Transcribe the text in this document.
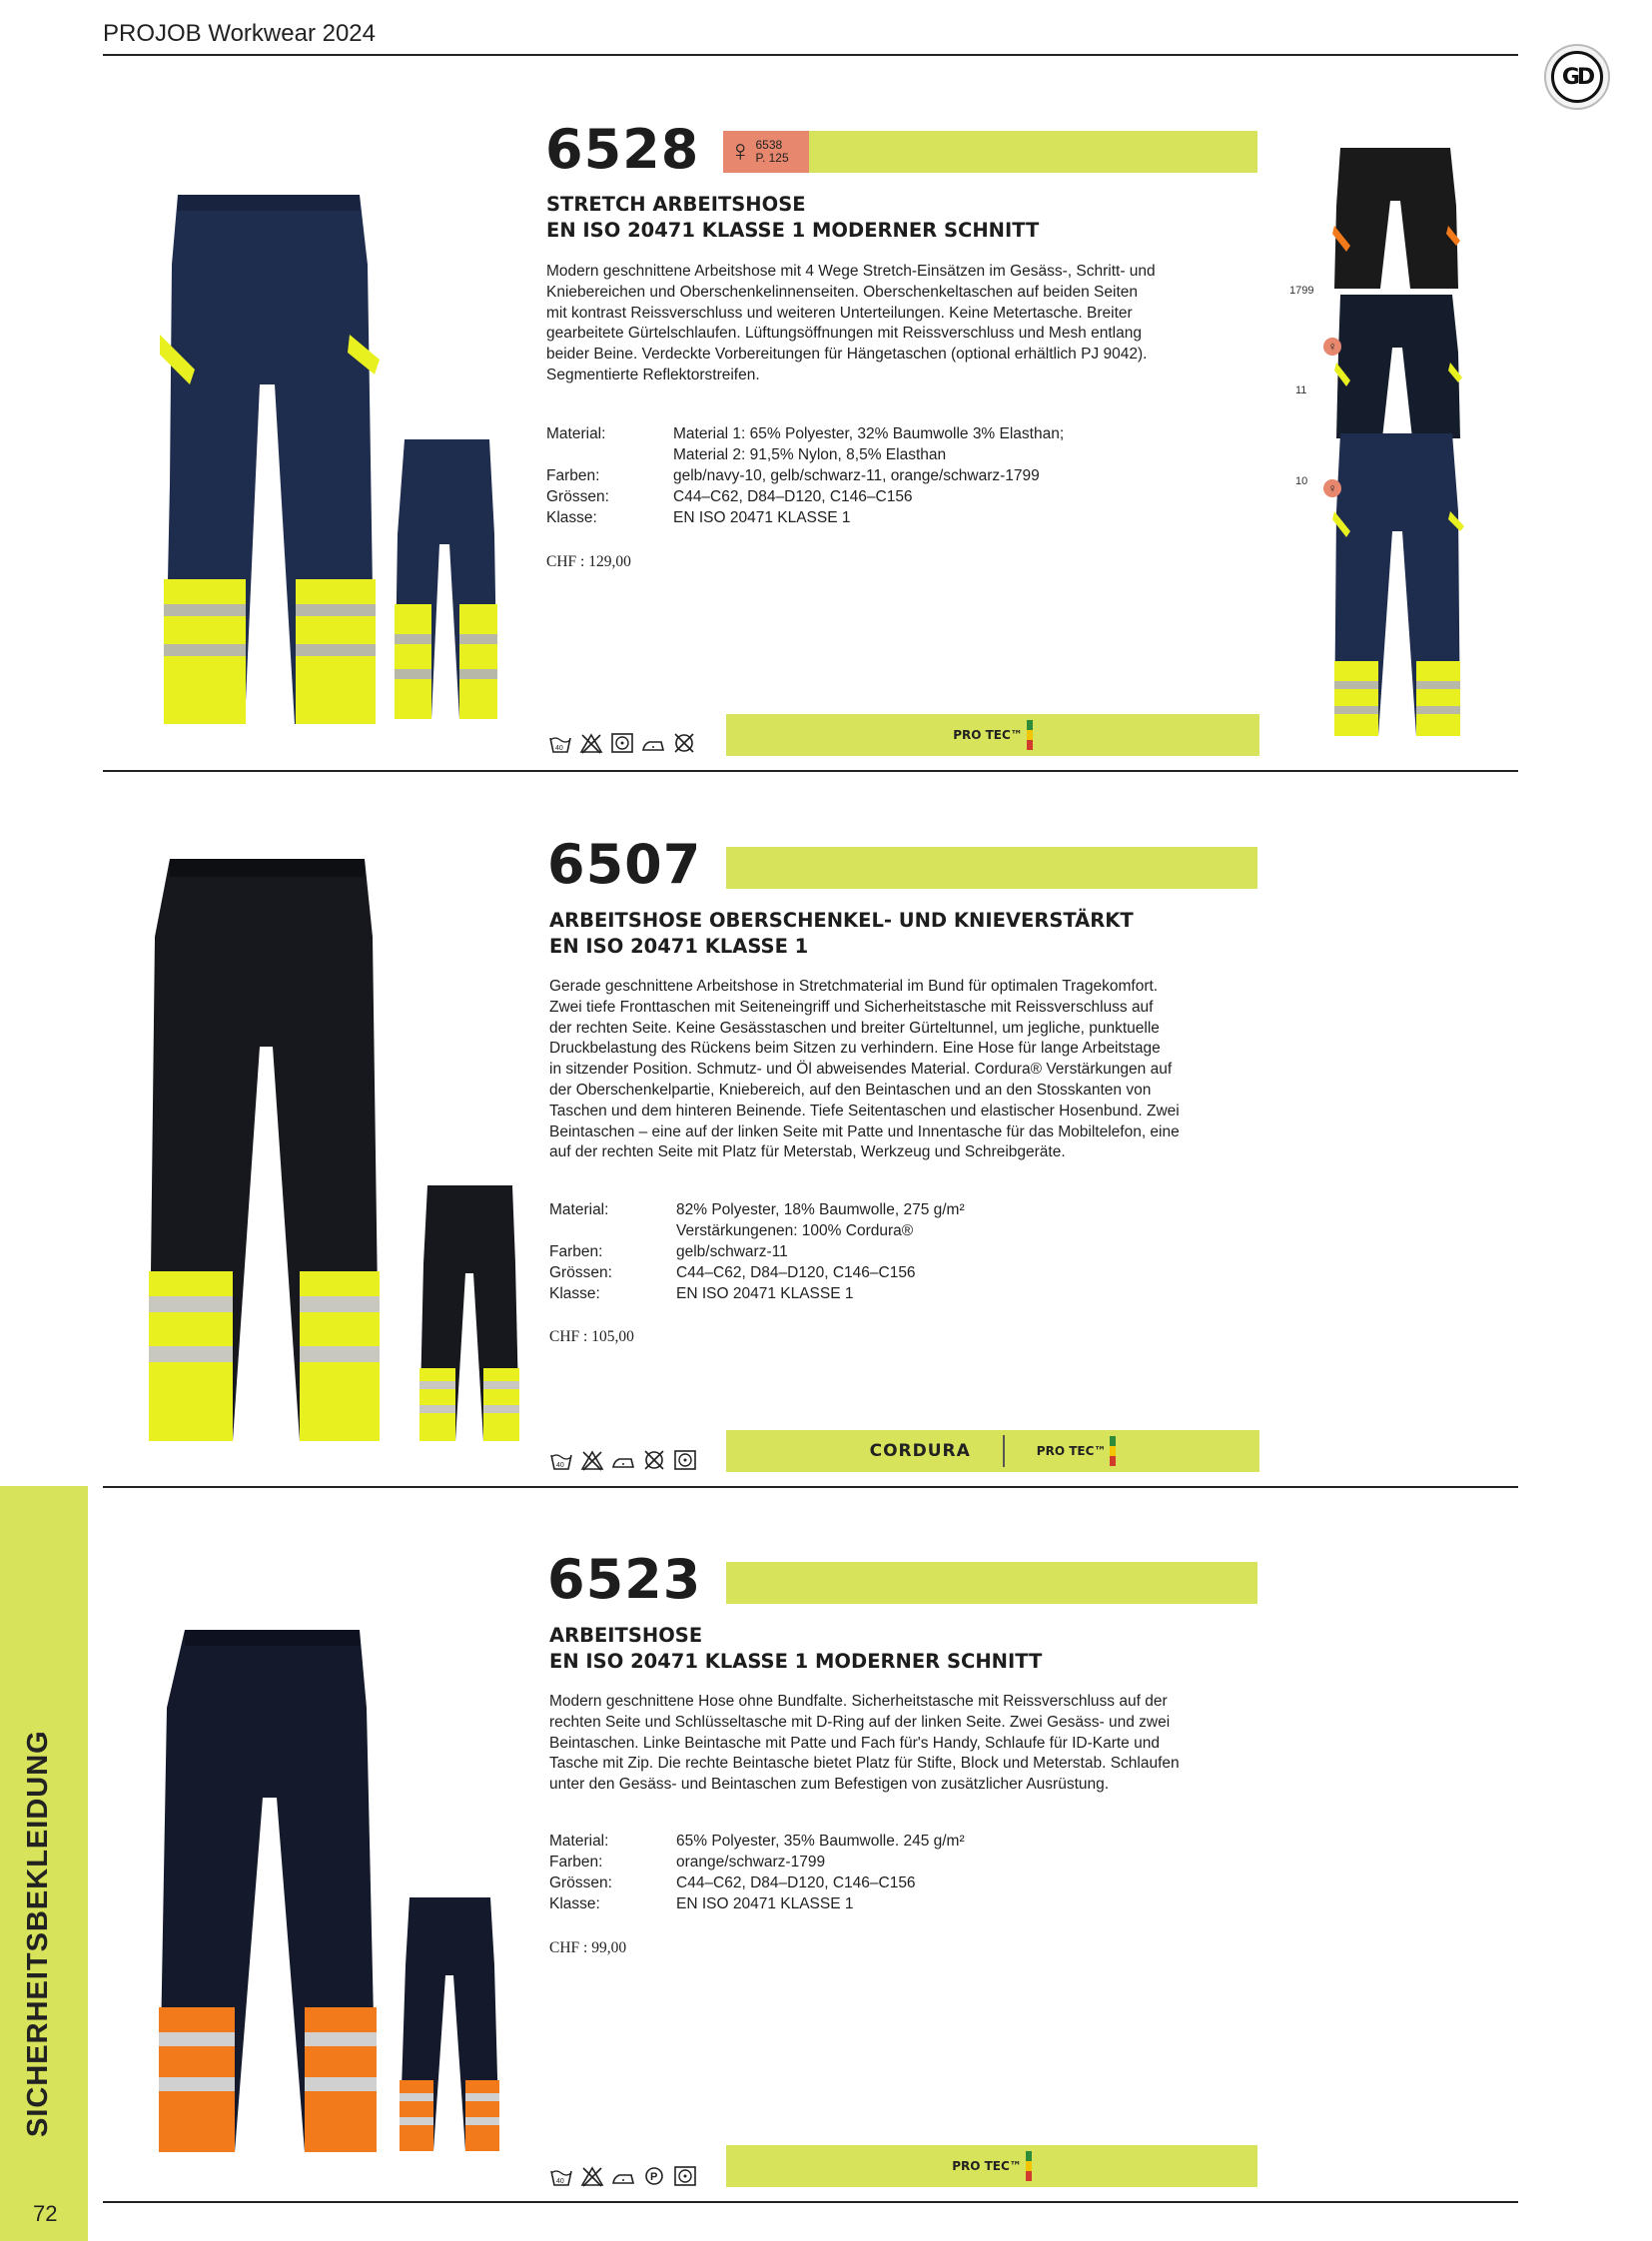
PROJOB Workwear 2024
GD
SICHERHEITSBEKLEIDUNG
72
6528 ♀ 6538
P. 125
STRETCH ARBEITSHOSE
EN ISO 20471 KLASSE 1 MODERNER SCHNITT
Modern geschnittene Arbeitshose mit 4 Wege Stretch-Einsätzen im Gesäss-, Schritt- und
Kniebereichen und Oberschenkelinnenseiten. Oberschenkeltaschen auf beiden Seiten
mit kontrast Reissverschluss und weiteren Unterteilungen. Keine Metertasche. Breiter
gearbeitete Gürtelschlaufen. Lüftungsöffnungen mit Reissverschluss und Mesh entlang
beider Beine. Verdeckte Vorbereitungen für Hängetaschen (optional erhältlich PJ 9042).
Segmentierte Reflektorstreifen.
Material:	Material 1: 65% Polyester, 32% Baumwolle 3% Elasthan;
Material 2: 91,5% Nylon, 8,5% Elasthan
Farben:	gelb/navy-10, gelb/schwarz-11, orange/schwarz-1799
Grössen:	C44–C62, D84–D120, C146–C156
Klasse:	EN ISO 20471 KLASSE 1
CHF : 129,00
40
PRO TEC™
1799
♀
11
♀
10
6507
ARBEITSHOSE OBERSCHENKEL- UND KNIEVERSTÄRKT
EN ISO 20471 KLASSE 1
Gerade geschnittene Arbeitshose in Stretchmaterial im Bund für optimalen Tragekomfort.
Zwei tiefe Fronttaschen mit Seiteneingriff und Sicherheitstasche mit Reissverschluss auf
der rechten Seite. Keine Gesässtaschen und breiter Gürteltunnel, um jegliche, punktuelle
Druckbelastung des Rückens beim Sitzen zu verhindern. Eine Hose für lange Arbeitstage
in sitzender Position. Schmutz- und Öl abweisendes Material. Cordura® Verstärkungen auf
der Oberschenkelpartie, Kniebereich, auf den Beintaschen und an den Stosskanten von
Taschen und dem hinteren Beinende. Tiefe Seitentaschen und elastischer Hosenbund. Zwei
Beintaschen – eine auf der linken Seite mit Patte und Innentasche für das Mobiltelefon, eine
auf der rechten Seite mit Platz für Meterstab, Werkzeug und Schreibgeräte.
Material:	82% Polyester, 18% Baumwolle, 275 g/m²
Verstärkungenen: 100% Cordura®
Farben:	gelb/schwarz-11
Grössen:	C44–C62, D84–D120, C146–C156
Klasse:	EN ISO 20471 KLASSE 1
CHF : 105,00
40
CORDURA	PRO TEC™
6523
ARBEITSHOSE
EN ISO 20471 KLASSE 1 MODERNER SCHNITT
Modern geschnittene Hose ohne Bundfalte. Sicherheitstasche mit Reissverschluss auf der
rechten Seite und Schlüsseltasche mit D-Ring auf der linken Seite. Zwei Gesäss- und zwei
Beintaschen. Linke Beintasche mit Patte und Fach für's Handy, Schlaufe für ID-Karte und
Tasche mit Zip. Die rechte Beintasche bietet Platz für Stifte, Block und Meterstab. Schlaufen
unter den Gesäss- und Beintaschen zum Befestigen von zusätzlicher Ausrüstung.
Material:	65% Polyester, 35% Baumwolle. 245 g/m²
Farben:	orange/schwarz-1799
Grössen:	C44–C62, D84–D120, C146–C156
Klasse:	EN ISO 20471 KLASSE 1
CHF : 99,00
40	P
PRO TEC™
